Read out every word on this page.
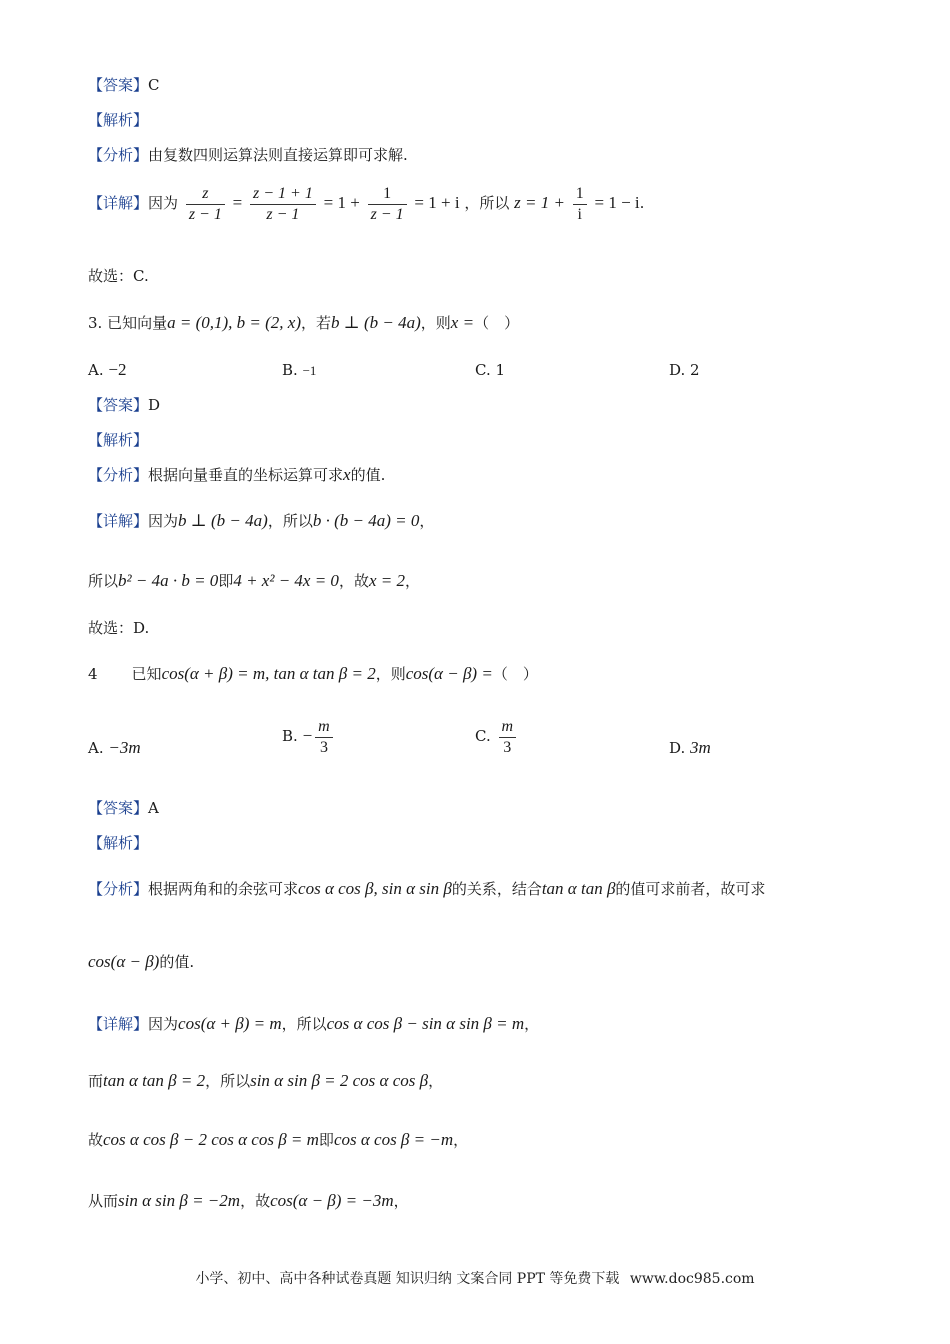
【答案】C
【解析】
【分析】由复数四则运算法则直接运算即可求解.
【详解】因为 $\frac{z}{z - 1} = \frac{z - 1 + 1}{z - 1} = 1 + \frac{1}{z - 1} = 1 + i$ ，所以 $z = 1 + \frac{1}{i} = 1 - i$.
故选：C.
3. 已知向量a = (0,1), b = (2, x)，若b ⊥ (b − 4a)，则x =（　）
A. −2	B. −1	C. 1	D. 2
【答案】D
【解析】
【分析】根据向量垂直的坐标运算可求x的值.
【详解】因为b ⊥ (b − 4a)，所以b · (b − 4a) = 0，
所以b² − 4a · b = 0即4 + x² − 4x = 0，故x = 2，
故选：D.
4 已知cos(α + β) = m, tan α tan β = 2，则cos(α − β) =（　）
A. −3m
B. − $\frac{m}{3}$	C. $\frac{m}{3}$	D. 3m
【答案】A
【解析】
【分析】根据两角和的余弦可求cos α cos β, sin α sin β的关系，结合tan α tan β的值可求前者，故可求
cos(α − β)的值.
【详解】因为cos(α + β) = m，所以cos α cos β − sin α sin β = m，
而tan α tan β = 2，所以sin α sin β = 2 cos α cos β，
故cos α cos β − 2 cos α cos β = m即cos α cos β = −m，
从而sin α sin β = −2m，故cos(α − β) = −3m，
小学、初中、高中各种试卷真题 知识归纳 文案合同 PPT 等免费下载 www.doc985.com
